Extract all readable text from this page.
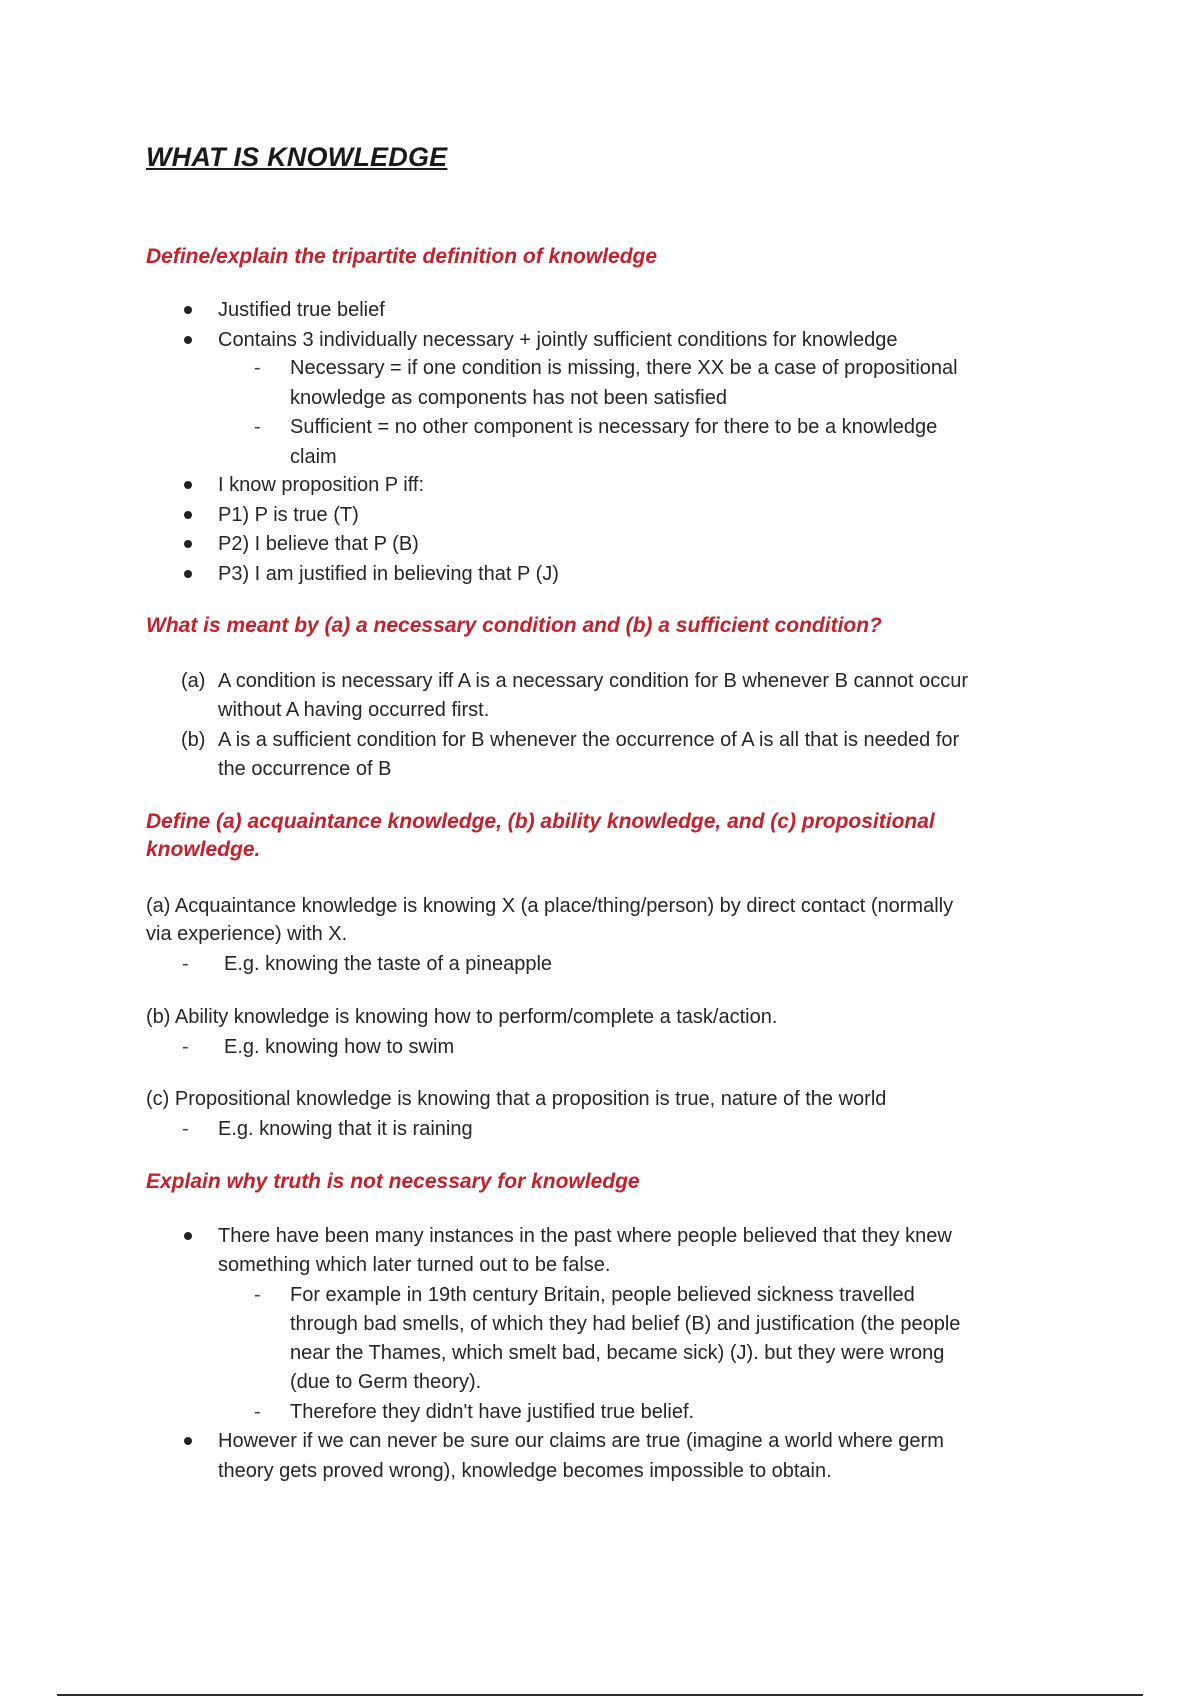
WHAT IS KNOWLEDGE
Define/explain the tripartite definition of knowledge
Justified true belief
Contains 3 individually necessary + jointly sufficient conditions for knowledge
- Necessary = if one condition is missing, there XX be a case of propositional
knowledge as components has not been satisfied
- Sufficient = no other component is necessary for there to be a knowledge
claim
I know proposition P iff:
P1) P is true (T)
P2) I believe that P (B)
P3) I am justified in believing that P (J)
What is meant by (a) a necessary condition and (b) a sufficient condition?
(a) A condition is necessary iff A is a necessary condition for B whenever B cannot occur
without A having occurred first.
(b) A is a sufficient condition for B whenever the occurrence of A is all that is needed for
the occurrence of B
Define (a) acquaintance knowledge, (b) ability knowledge, and (c) propositional
knowledge.
(a) Acquaintance knowledge is knowing X (a place/thing/person) by direct contact (normally
via experience) with X.
- E.g. knowing the taste of a pineapple
(b) Ability knowledge is knowing how to perform/complete a task/action.
- E.g. knowing how to swim
(c) Propositional knowledge is knowing that a proposition is true, nature of the world
- E.g. knowing that it is raining
Explain why truth is not necessary for knowledge
There have been many instances in the past where people believed that they knew
something which later turned out to be false.
- For example in 19th century Britain, people believed sickness travelled
through bad smells, of which they had belief (B) and justification (the people
near the Thames, which smelt bad, became sick) (J). but they were wrong
(due to Germ theory).
- Therefore they didn't have justified true belief.
However if we can never be sure our claims are true (imagine a world where germ
theory gets proved wrong), knowledge becomes impossible to obtain.
